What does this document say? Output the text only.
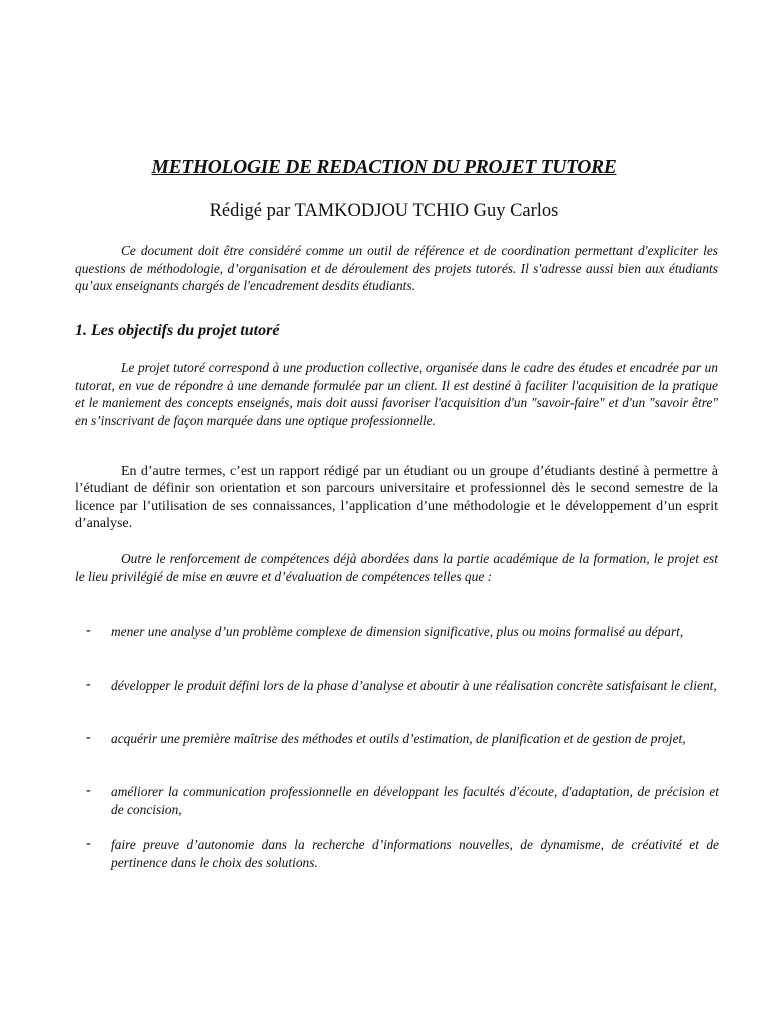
METHOLOGIE DE REDACTION DU PROJET TUTORE
Rédigé par TAMKODJOU TCHIO Guy Carlos

Ce document doit être considéré comme un outil de référence et de coordination permettant d'expliciter les questions de méthodologie, d’organisation et de déroulement des projets tutorés. Il s'adresse aussi bien aux étudiants qu’aux enseignants chargés de l'encadrement desdits étudiants.

1. Les objectifs du projet tutoré

Le projet tutoré correspond à une production collective, organisée dans le cadre des études et encadrée par un tutorat, en vue de répondre à une demande formulée par un client. Il est destiné à faciliter l'acquisition de la pratique et le maniement des concepts enseignés, mais doit aussi favoriser l'acquisition d'un "savoir-faire" et d'un "savoir être" en s’inscrivant de façon marquée dans une optique professionnelle.

En d’autre termes, c’est un rapport rédigé par un étudiant ou un groupe d’étudiants destiné à permettre à l’étudiant de définir son orientation et son parcours universitaire et professionnel dès le second semestre de la licence par l’utilisation de ses connaissances, l’application d’une méthodologie et le développement d’un esprit d’analyse.

Outre le renforcement de compétences déjà abordées dans la partie académique de la formation, le projet est le lieu privilégié de mise en œuvre et d’évaluation de compétences telles que :

- mener une analyse d’un problème complexe de dimension significative, plus ou moins formalisé au départ,

- développer le produit défini lors de la phase d’analyse et aboutir à une réalisation concrète satisfaisant le client,

- acquérir une première maîtrise des méthodes et outils d’estimation, de planification et de gestion de projet,

- améliorer la communication professionnelle en développant les facultés d'écoute, d'adaptation, de précision et de concision,

- faire preuve d’autonomie dans la recherche d’informations nouvelles, de dynamisme, de créativité et de pertinence dans le choix des solutions.
